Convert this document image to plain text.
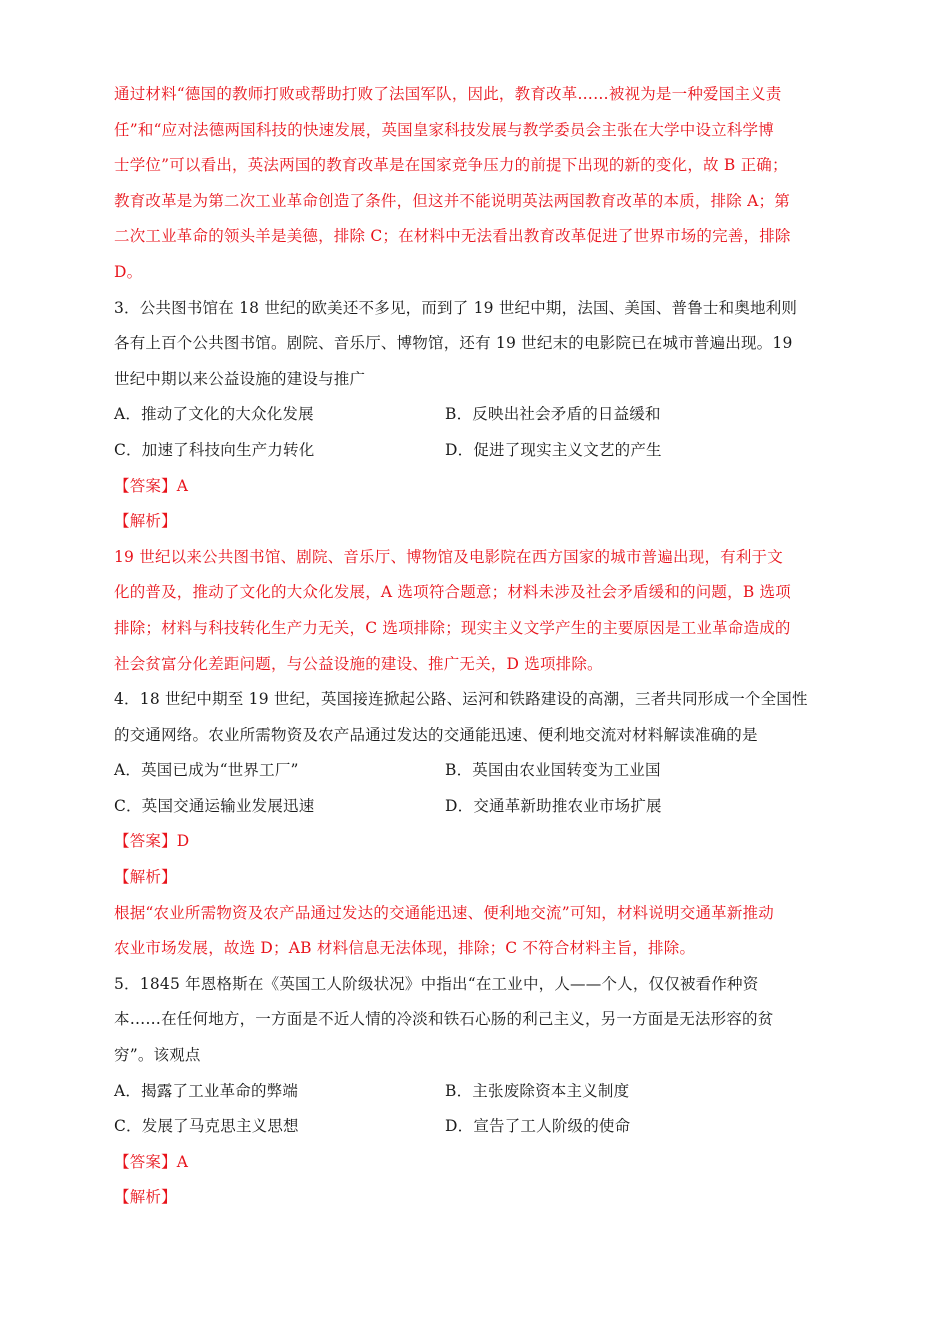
通过材料“德国的教师打败或帮助打败了法国军队，因此，教育改革……被视为是一种爱国主义责
任”和“应对法德两国科技的快速发展，英国皇家科技发展与教学委员会主张在大学中设立科学博
士学位”可以看出，英法两国的教育改革是在国家竞争压力的前提下出现的新的变化，故 B 正确；
教育改革是为第二次工业革命创造了条件，但这并不能说明英法两国教育改革的本质，排除 A；第
二次工业革命的领头羊是美德，排除 C；在材料中无法看出教育改革促进了世界市场的完善，排除
D。
3．公共图书馆在 18 世纪的欧美还不多见，而到了 19 世纪中期，法国、美国、普鲁士和奥地利则
各有上百个公共图书馆。剧院、音乐厅、博物馆，还有 19 世纪末的电影院已在城市普遍出现。19
世纪中期以来公益设施的建设与推广
A．推动了文化的大众化发展	B．反映出社会矛盾的日益缓和
C．加速了科技向生产力转化	D．促进了现实主义文艺的产生
【答案】A
【解析】
19 世纪以来公共图书馆、剧院、音乐厅、博物馆及电影院在西方国家的城市普遍出现，有利于文
化的普及，推动了文化的大众化发展，A 选项符合题意；材料未涉及社会矛盾缓和的问题，B 选项
排除；材料与科技转化生产力无关，C 选项排除；现实主义文学产生的主要原因是工业革命造成的
社会贫富分化差距问题，与公益设施的建设、推广无关，D 选项排除。
4．18 世纪中期至 19 世纪，英国接连掀起公路、运河和铁路建设的高潮，三者共同形成一个全国性
的交通网络。农业所需物资及农产品通过发达的交通能迅速、便利地交流对材料解读准确的是
A．英国已成为“世界工厂”	B．英国由农业国转变为工业国
C．英国交通运输业发展迅速	D．交通革新助推农业市场扩展
【答案】D
【解析】
根据“农业所需物资及农产品通过发达的交通能迅速、便利地交流”可知，材料说明交通革新推动
农业市场发展，故选 D；AB 材料信息无法体现，排除；C 不符合材料主旨，排除。
5．1845 年恩格斯在《英国工人阶级状况》中指出“在工业中，人——个人，仅仅被看作种资
本……在任何地方，一方面是不近人情的冷淡和铁石心肠的利己主义，另一方面是无法形容的贫
穷”。该观点
A．揭露了工业革命的弊端	B．主张废除资本主义制度
C．发展了马克思主义思想	D．宣告了工人阶级的使命
【答案】A
【解析】
